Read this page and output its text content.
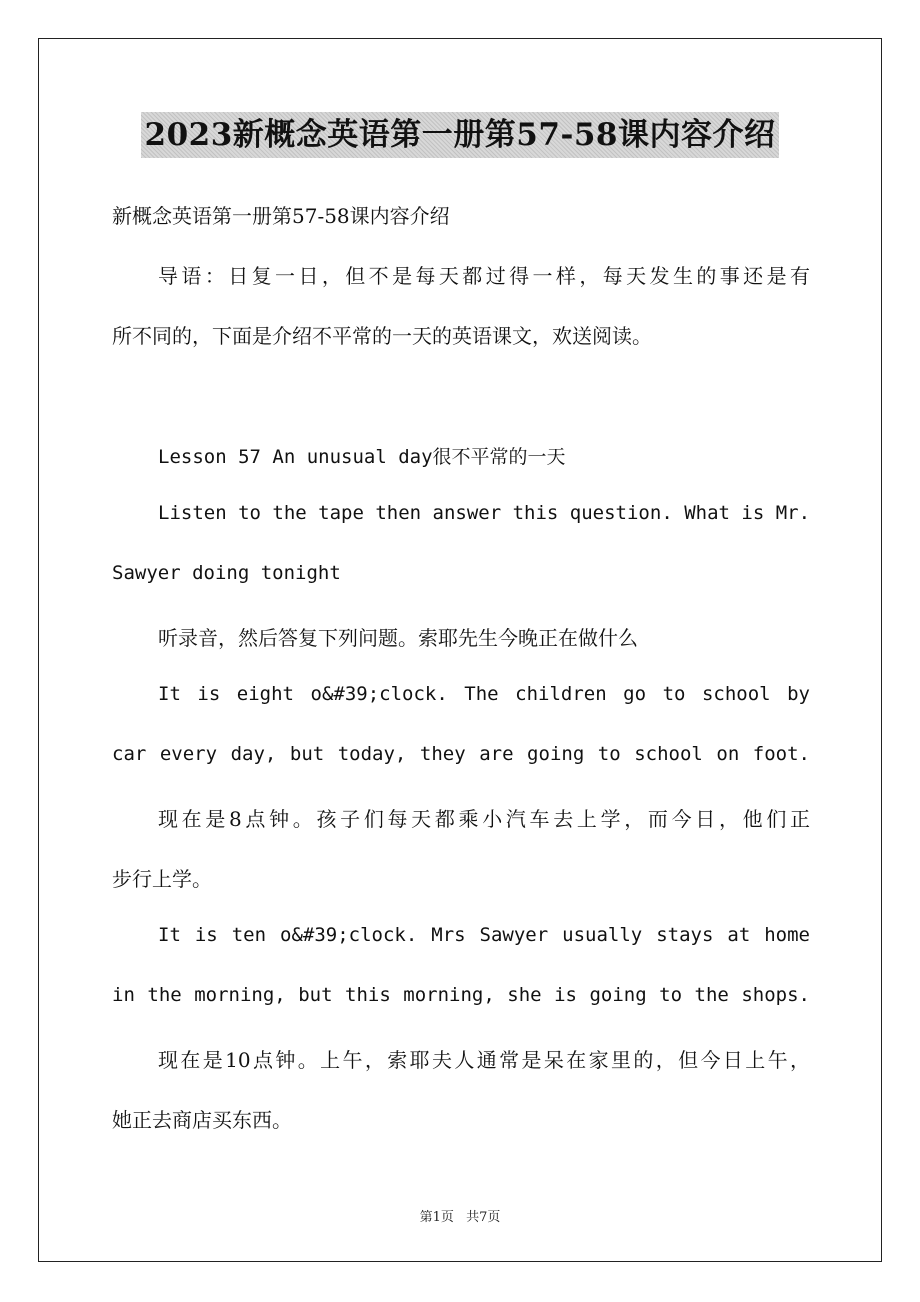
2023新概念英语第一册第57-58课内容介绍
新概念英语第一册第57-58课内容介绍
导语：日复一日，但不是每天都过得一样，每天发生的事还是有
所不同的，下面是介绍不平常的一天的英语课文，欢送阅读。
Lesson 57 An unusual day很不平常的一天
Listen to the tape then answer this question. What is Mr.
Sawyer doing tonight
听录音，然后答复下列问题。索耶先生今晚正在做什么
It is eight o&#39;clock. The children go to school by
car every day, but today, they are going to school on foot.
现在是8点钟。孩子们每天都乘小汽车去上学，而今日，他们正
步行上学。
It is ten o&#39;clock. Mrs Sawyer usually stays at home
in the morning, but this morning, she is going to the shops.
现在是10点钟。上午，索耶夫人通常是呆在家里的，但今日上午，
她正去商店买东西。
第1页 共7页
